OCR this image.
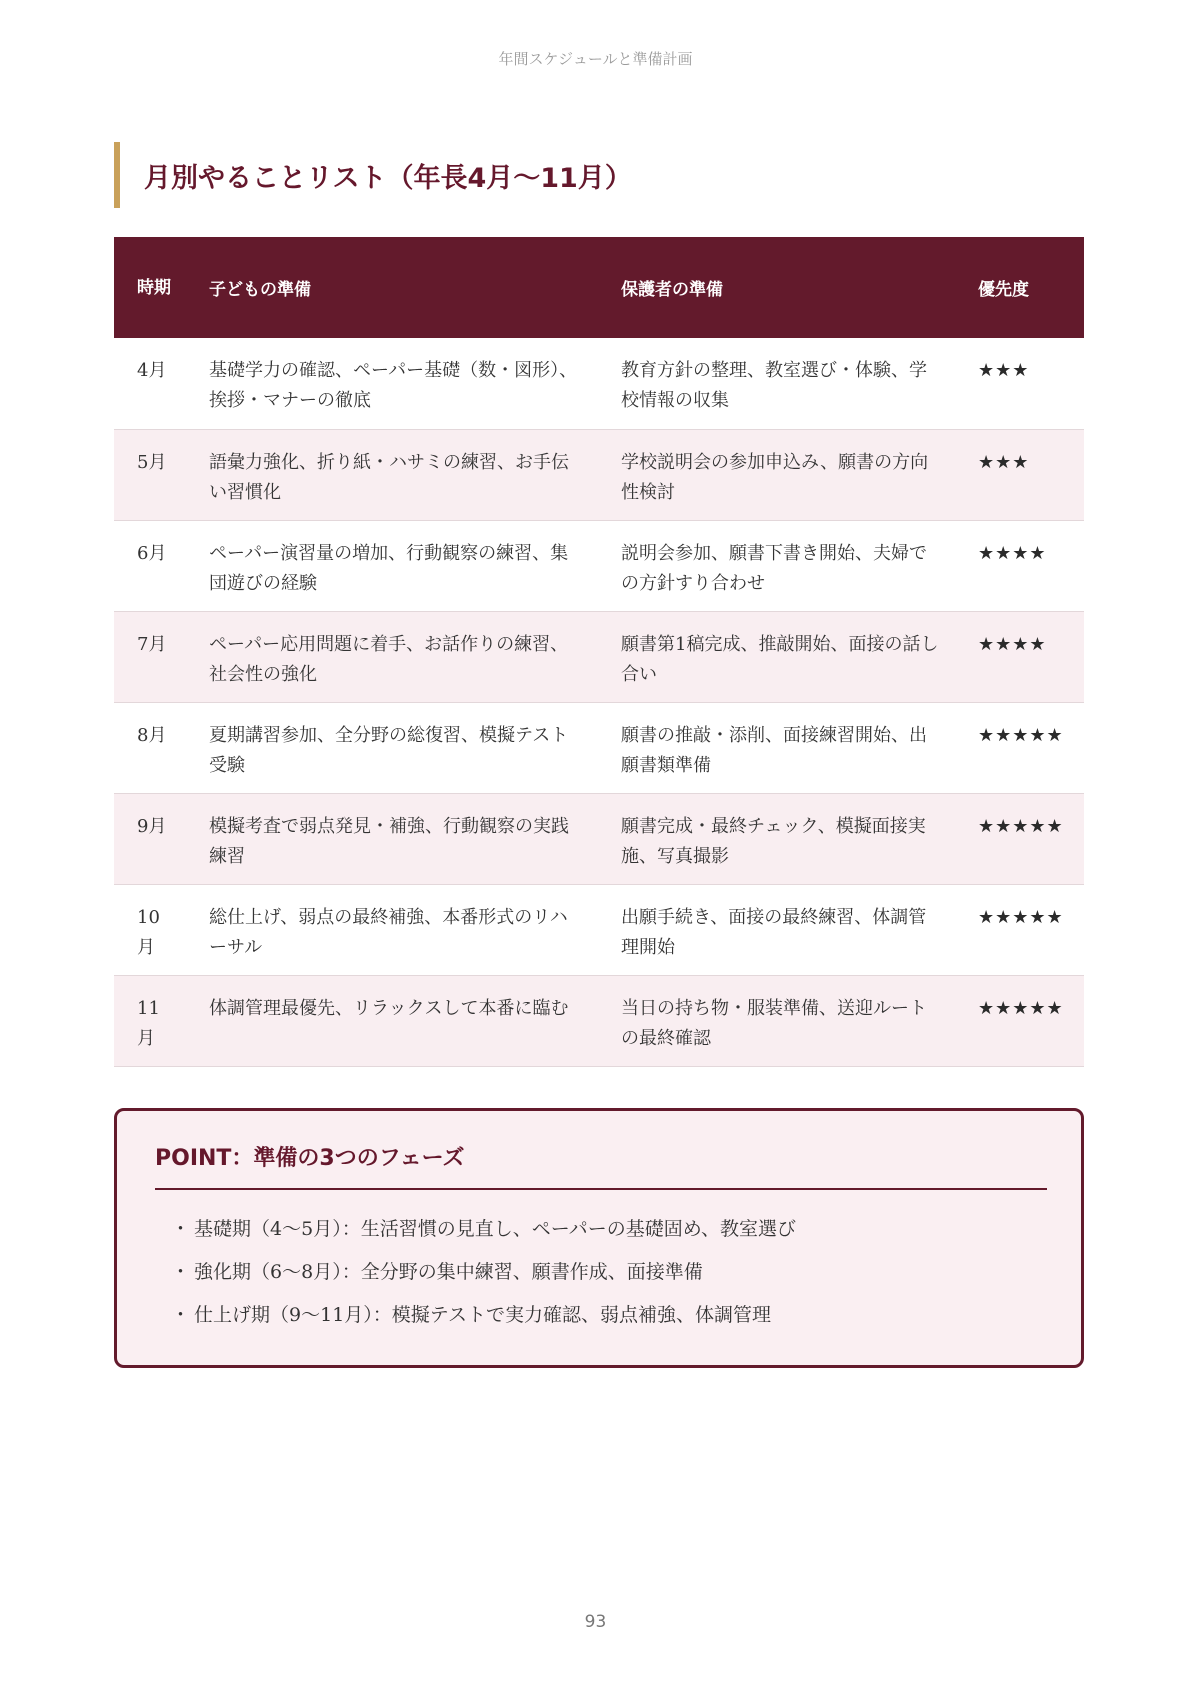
年間スケジュールと準備計画
月別やることリスト（年長4月〜11月）
時期	子どもの準備	保護者の準備	優先度
4月	基礎学力の確認、ペーパー基礎（数・図形）、挨拶・マナーの徹底	教育方針の整理、教室選び・体験、学校情報の収集	★★★
5月	語彙力強化、折り紙・ハサミの練習、お手伝い習慣化	学校説明会の参加申込み、願書の方向性検討	★★★
6月	ペーパー演習量の増加、行動観察の練習、集団遊びの経験	説明会参加、願書下書き開始、夫婦での方針すり合わせ	★★★★
7月	ペーパー応用問題に着手、お話作りの練習、社会性の強化	願書第1稿完成、推敲開始、面接の話し合い	★★★★
8月	夏期講習参加、全分野の総復習、模擬テスト受験	願書の推敲・添削、面接練習開始、出願書類準備	★★★★★
9月	模擬考査で弱点発見・補強、行動観察の実践練習	願書完成・最終チェック、模擬面接実施、写真撮影	★★★★★
10月	総仕上げ、弱点の最終補強、本番形式のリハーサル	出願手続き、面接の最終練習、体調管理開始	★★★★★
11月	体調管理最優先、リラックスして本番に臨む	当日の持ち物・服装準備、送迎ルートの最終確認	★★★★★
POINT：準備の3つのフェーズ
・ 基礎期（4〜5月）：生活習慣の見直し、ペーパーの基礎固め、教室選び
・ 強化期（6〜8月）：全分野の集中練習、願書作成、面接準備
・ 仕上げ期（9〜11月）：模擬テストで実力確認、弱点補強、体調管理
93
